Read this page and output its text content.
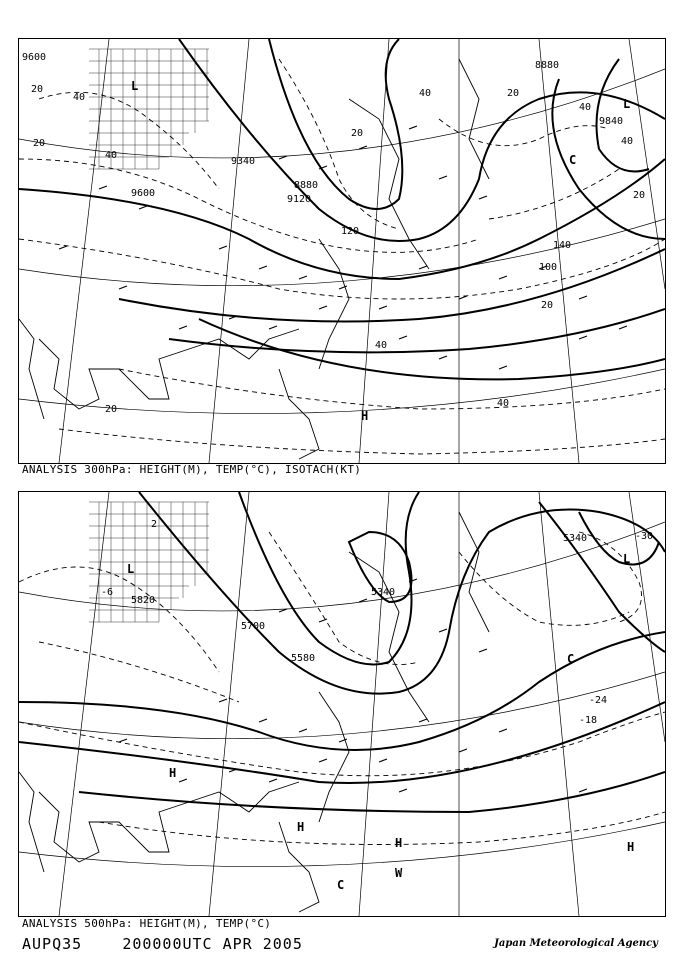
9600
9340
9600
9120
8880
8880
9840
20
40
20
40
20
40
40
20
120
140
100
20
40
40
20
20
40
L
L
C
H
ANALYSIS 300hPa: HEIGHT(M), TEMP(°C), ISOTACH(KT)
5820
5700
5580
5340
5340	-30
-24
-18
-6
2
L
L
H
H
H	H
C
C
W
ANALYSIS 500hPa: HEIGHT(M), TEMP(°C)
AUPQ35	200000UTC APR 2005	Japan Meteorological Agency
